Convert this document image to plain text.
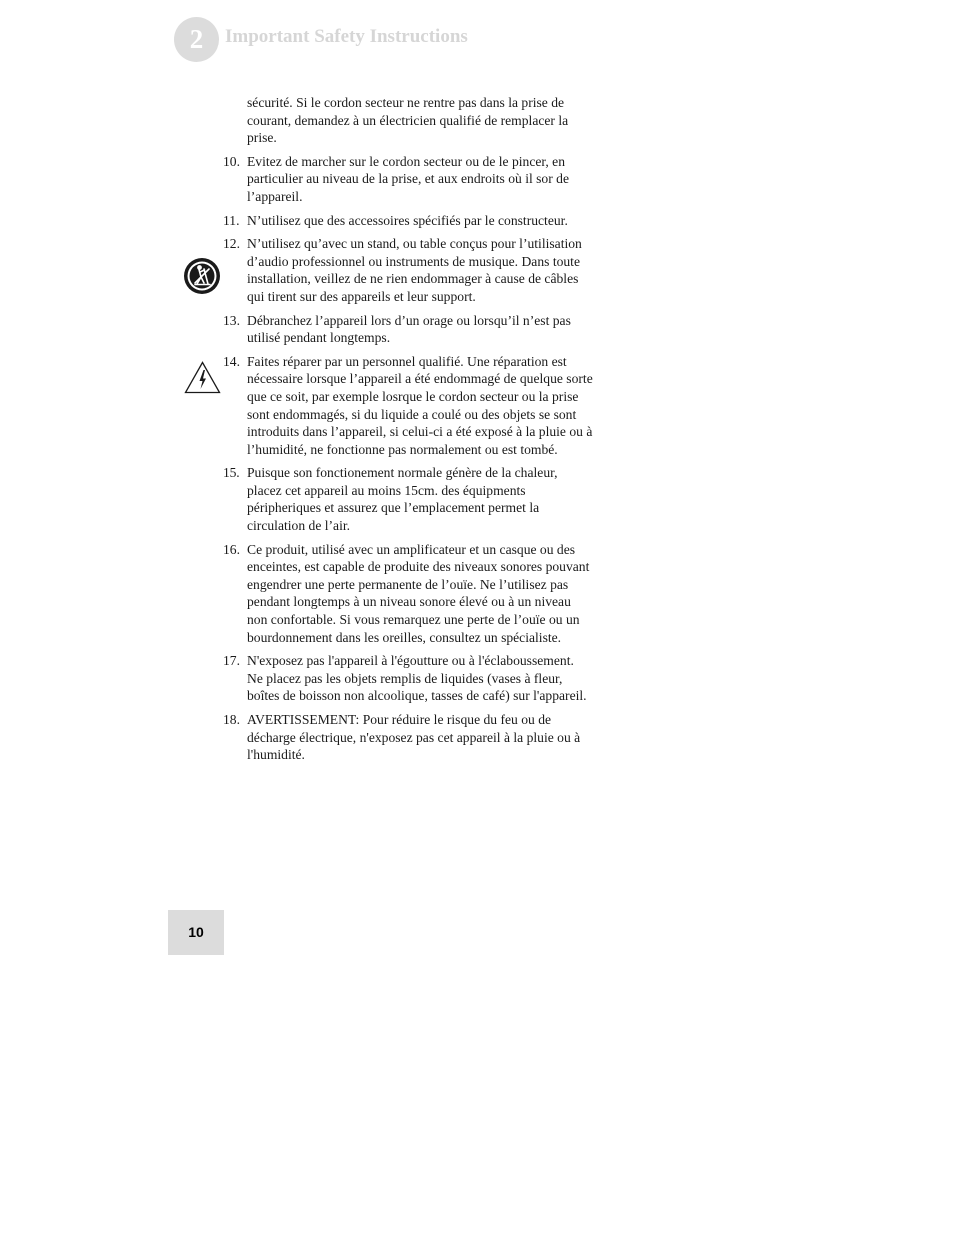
2	Important Safety Instructions
sécurité. Si le cordon secteur ne rentre pas dans la prise de courant, demandez à un électricien qualifié de remplacer la prise.
10. Evitez de marcher sur le cordon secteur ou de le pincer, en particulier au niveau de la prise, et aux endroits où il sor de l’appareil.
11. N’utilisez que des accessoires spécifiés par le constructeur.
12. N’utilisez qu’avec un stand, ou table conçus pour l’utilisation d’audio professionnel ou instruments de musique. Dans toute installation, veillez de ne rien endommager à cause de câbles qui tirent sur des appareils et leur support.
13. Débranchez l’appareil lors d’un orage ou lorsqu’il n’est pas utilisé pendant longtemps.
14. Faites réparer par un personnel qualifié. Une réparation est nécessaire lorsque l’appareil a été endommagé de quelque sorte que ce soit, par exemple losrque le cordon secteur ou la prise sont endommagés, si du liquide a coulé ou des objets se sont introduits dans l’appareil, si celui-ci a été exposé à la pluie ou à l’humidité, ne fonctionne pas normalement ou est tombé.
15. Puisque son fonctionement normale génère de la chaleur, placez cet appareil au moins 15cm. des équipments péripheriques et assurez que l’emplacement permet la circulation de l’air.
16. Ce produit, utilisé avec un amplificateur et un casque ou des enceintes, est capable de produite des niveaux sonores pouvant engendrer une perte permanente de l’ouïe. Ne l’utilisez pas pendant longtemps à un niveau sonore élevé ou à un niveau non confortable. Si vous remarquez une perte de l’ouïe ou un bourdonnement dans les oreilles, consultez un spécialiste.
17. N'exposez pas l'appareil à l'égoutture ou à l'éclaboussement. Ne placez pas les objets remplis de liquides (vases à fleur, boîtes de boisson non alcoolique, tasses de café) sur l'appareil.
18. AVERTISSEMENT: Pour réduire le risque du feu ou de décharge électrique, n'exposez pas cet appareil à la pluie ou à l'humidité.
10
